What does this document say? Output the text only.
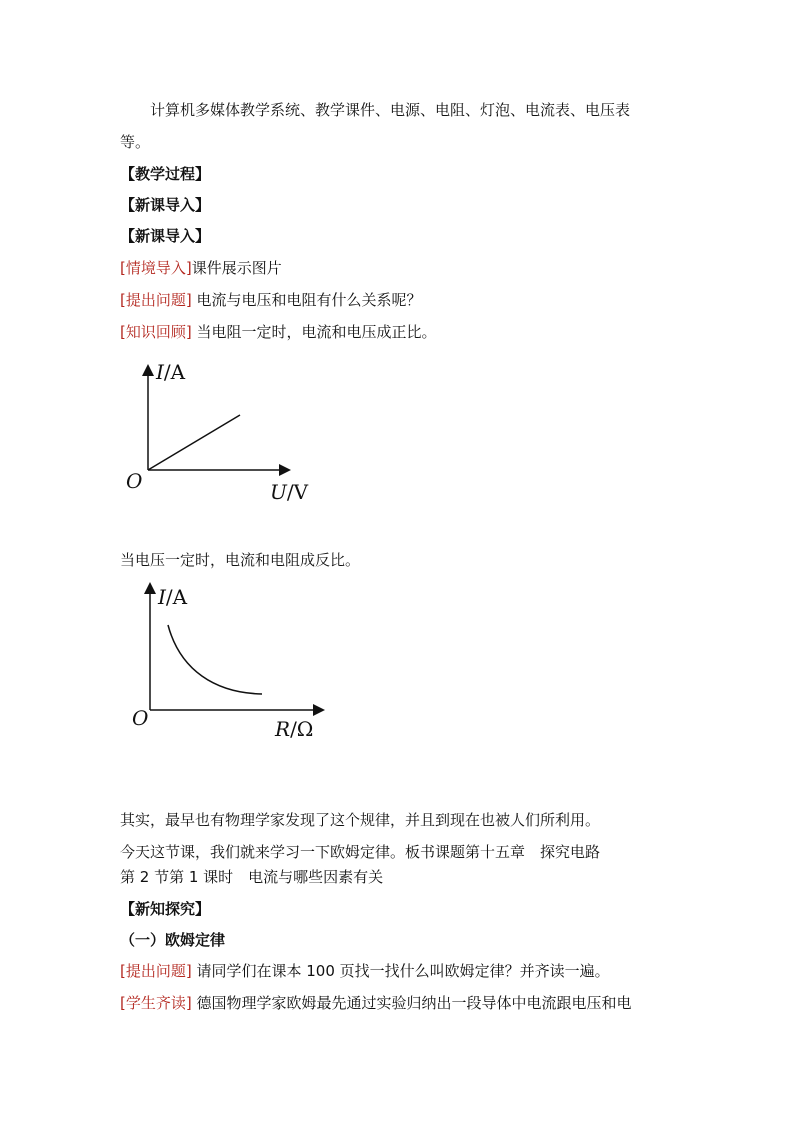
计算机多媒体教学系统、教学课件、电源、电阻、灯泡、电流表、电压表
等。
【教学过程】
【新课导入】
【新课导入】
[情境导入]课件展示图片
[提出问题] 电流与电压和电阻有什么关系呢？
[知识回顾] 当电阻一定时，电流和电压成正比。
I/A
U/V
O
当电压一定时，电流和电阻成反比。
I/A
R/Ω
O
其实，最早也有物理学家发现了这个规律，并且到现在也被人们所利用。
今天这节课，我们就来学习一下欧姆定律。板书课题第十五章　探究电路
第 2 节第 1 课时　电流与哪些因素有关
【新知探究】
（一）欧姆定律
[提出问题] 请同学们在课本 100 页找一找什么叫欧姆定律？并齐读一遍。
[学生齐读] 德国物理学家欧姆最先通过实验归纳出一段导体中电流跟电压和电
